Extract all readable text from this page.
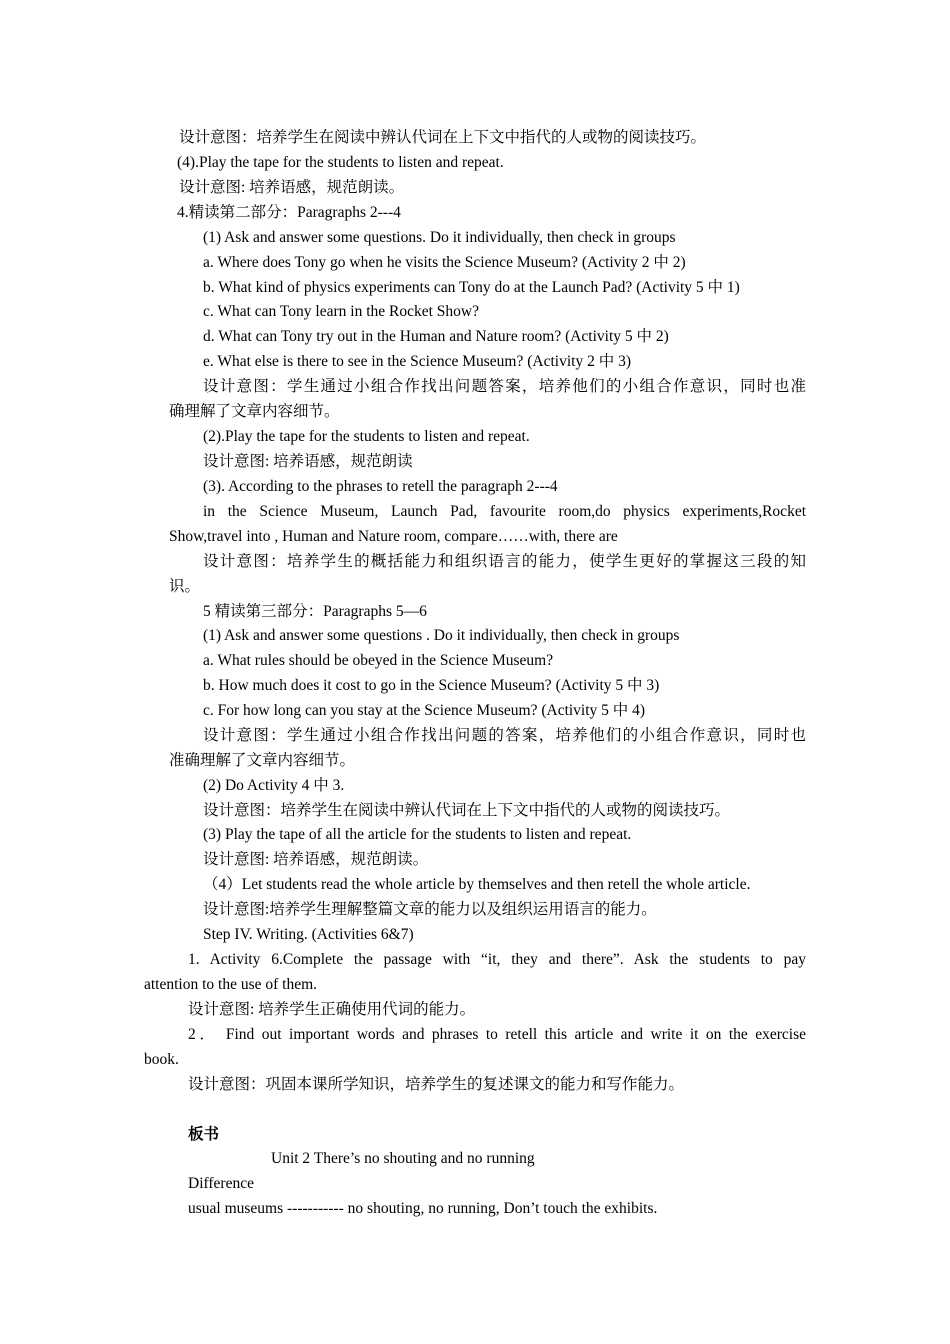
设计意图：培养学生在阅读中辨认代词在上下文中指代的人或物的阅读技巧。
(4).Play the tape for the students to listen and repeat.
设计意图: 培养语感，规范朗读。
4.精读第二部分：Paragraphs 2---4
(1) Ask and answer some questions. Do it individually, then check in groups
a. Where does Tony go when he visits the Science Museum? (Activity 2 中 2)
b. What kind of physics experiments can Tony do at the Launch Pad? (Activity 5 中 1)
c. What can Tony learn in the Rocket Show?
d. What can Tony try out in the Human and Nature room? (Activity 5 中 2)
e. What else is there to see in the Science Museum? (Activity 2 中 3)
设计意图：学生通过小组合作找出问题答案，培养他们的小组合作意识，同时也准
确理解了文章内容细节。
(2).Play the tape for the students to listen and repeat.
设计意图: 培养语感，规范朗读
(3). According to the phrases to retell the paragraph 2---4
in the Science Museum, Launch Pad, favourite room,do physics experiments,Rocket
Show,travel into , Human and Nature room, compare……with, there are
设计意图：培养学生的概括能力和组织语言的能力，使学生更好的掌握这三段的知
识。
5 精读第三部分：Paragraphs 5—6
(1) Ask and answer some questions . Do it individually, then check in groups
a. What rules should be obeyed in the Science Museum?
b. How much does it cost to go in the Science Museum? (Activity 5 中 3)
c. For how long can you stay at the Science Museum? (Activity 5 中 4)
设计意图：学生通过小组合作找出问题的答案，培养他们的小组合作意识，同时也
准确理解了文章内容细节。
(2) Do Activity 4 中 3.
设计意图：培养学生在阅读中辨认代词在上下文中指代的人或物的阅读技巧。
(3) Play the tape of all the article for the students to listen and repeat.
设计意图: 培养语感，规范朗读。
（4）Let students read the whole article by themselves and then retell the whole article.
设计意图:培养学生理解整篇文章的能力以及组织运用语言的能力。
Step IV. Writing. (Activities 6&7)
1. Activity 6.Complete the passage with “it, they and there”. Ask the students to pay
attention to the use of them.
设计意图: 培养学生正确使用代词的能力。
2． Find out important words and phrases to retell this article and write it on the exercise
book.
设计意图：巩固本课所学知识，培养学生的复述课文的能力和写作能力。
板书
Unit 2 There’s no shouting and no running
Difference
usual museums ----------- no shouting, no running, Don’t touch the exhibits.
